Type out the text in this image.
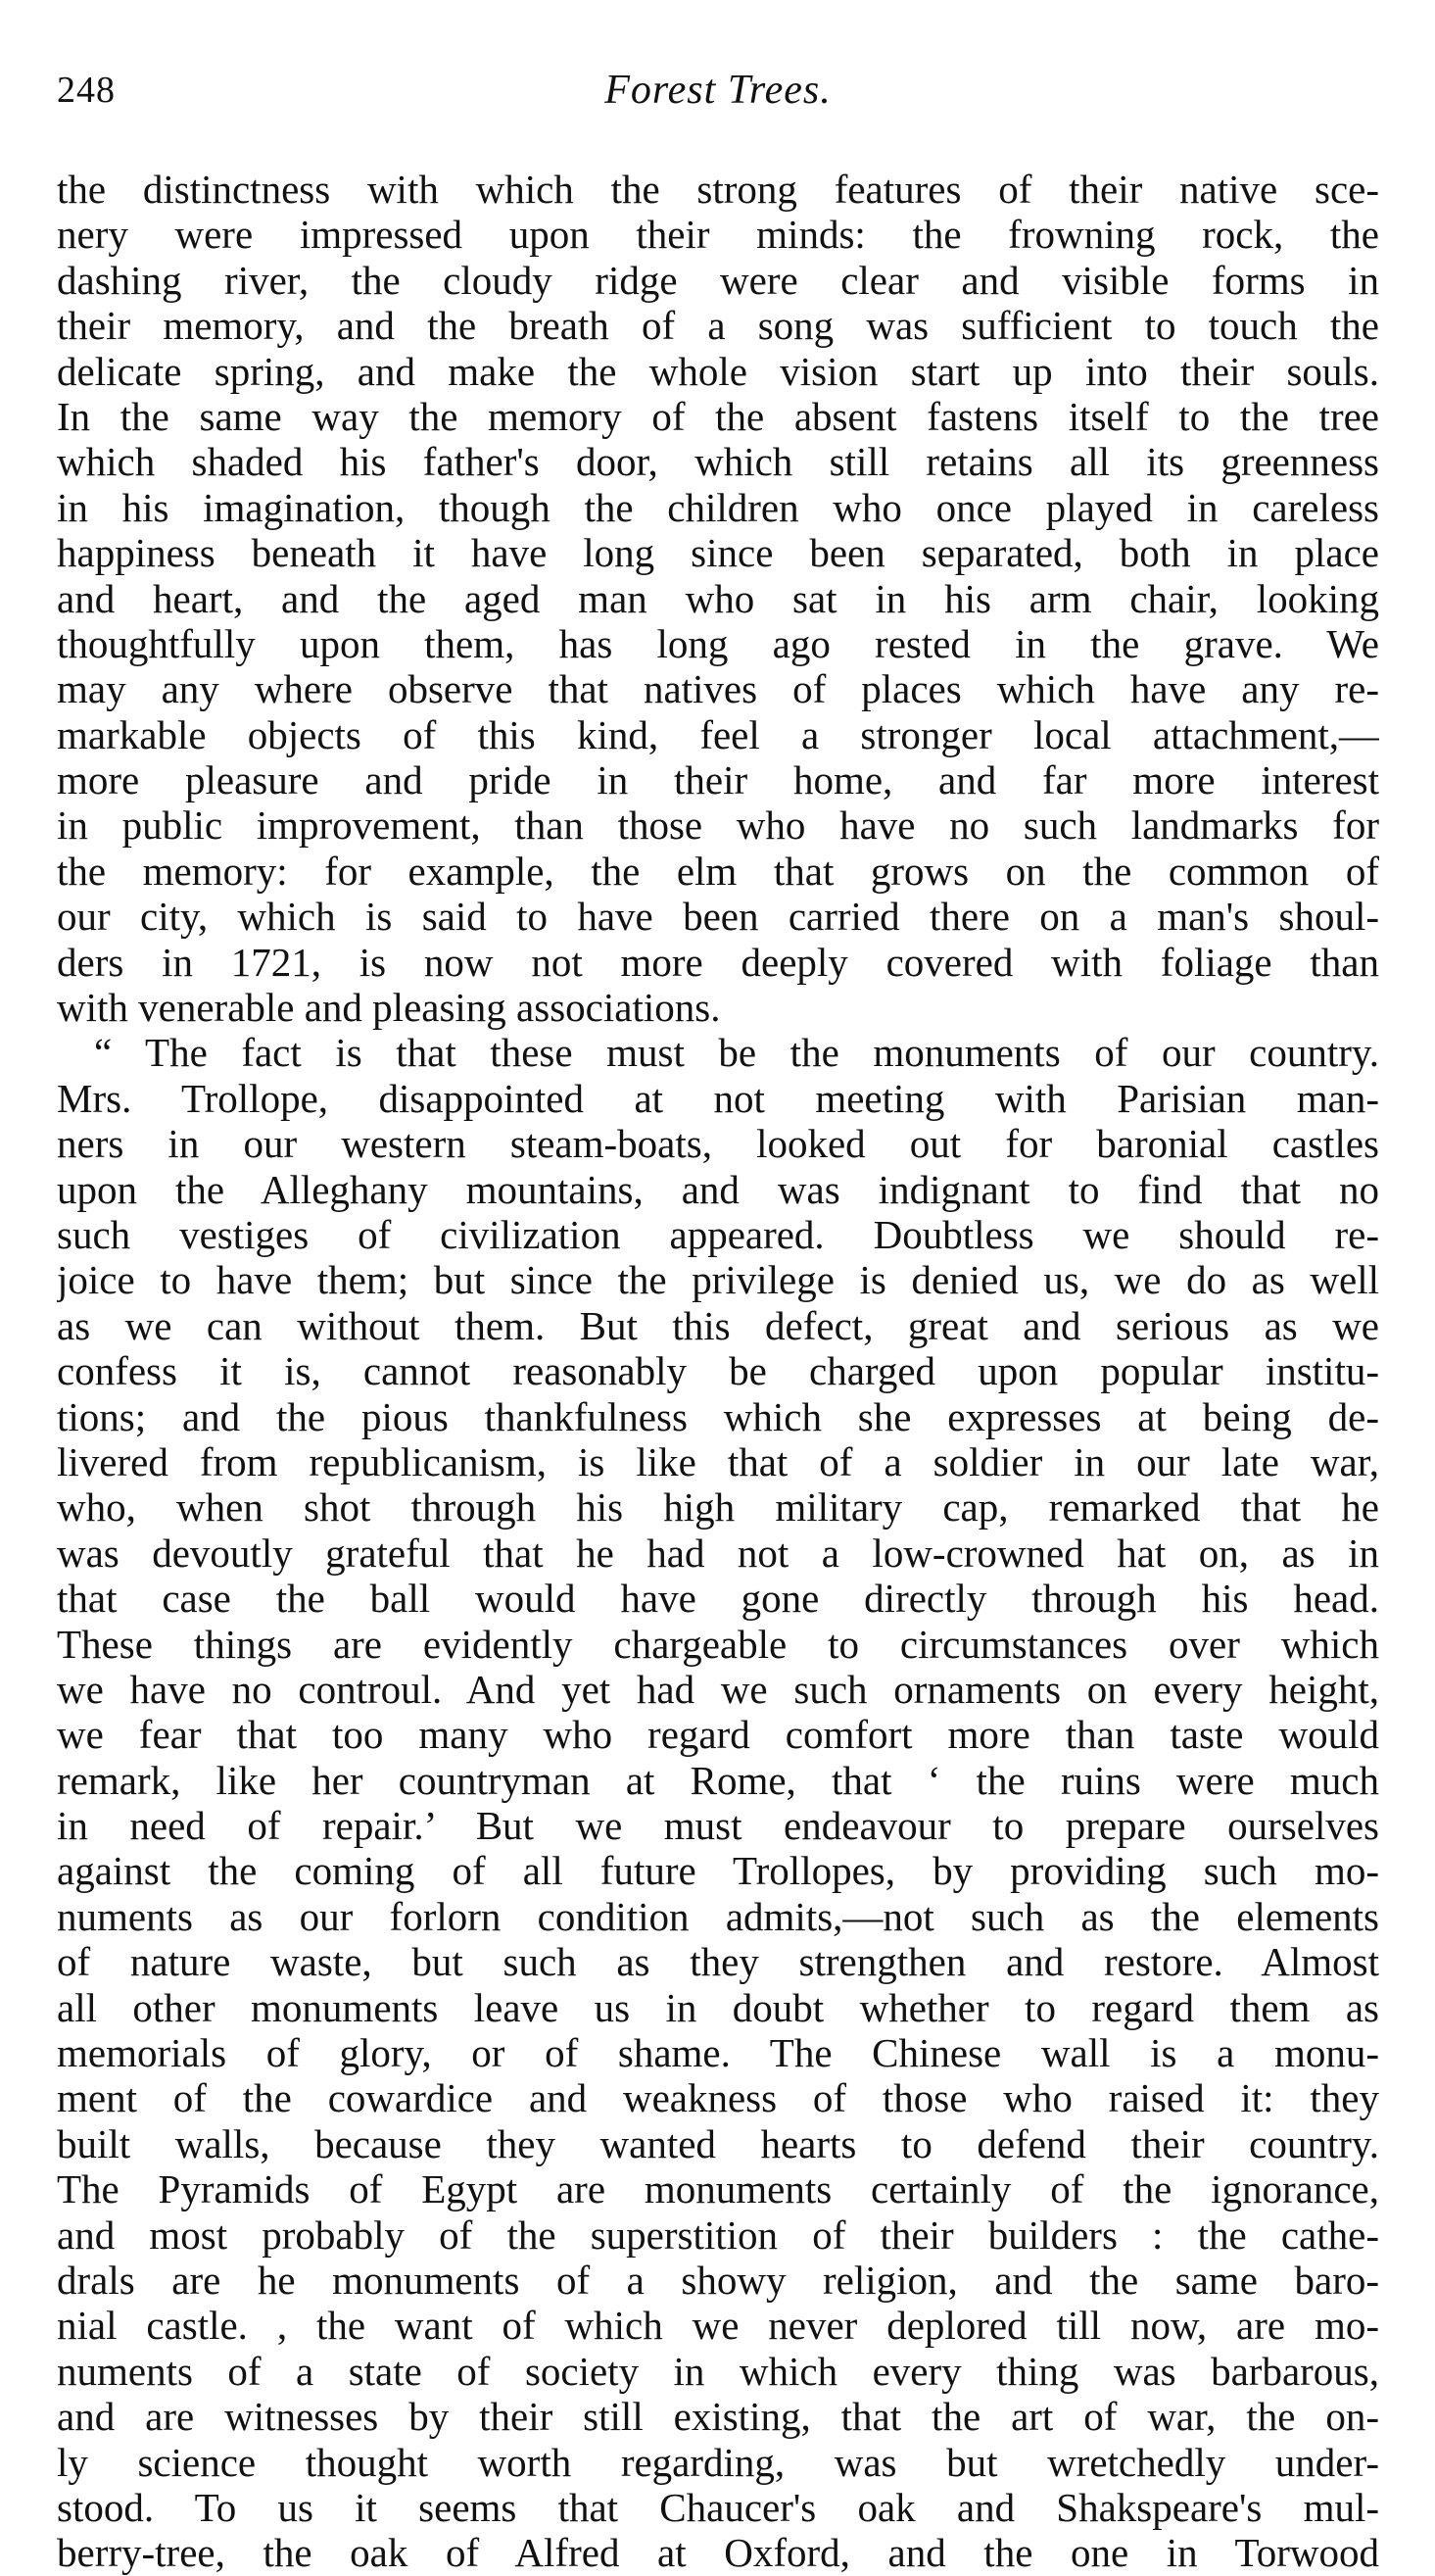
248	Forest Trees.
the distinctness with which the strong features of their native sce-
nery were impressed upon their minds: the frowning rock, the
dashing river, the cloudy ridge were clear and visible forms in
their memory, and the breath of a song was sufficient to touch the
delicate spring, and make the whole vision start up into their souls.
In the same way the memory of the absent fastens itself to the tree
which shaded his father's door, which still retains all its greenness
in his imagination, though the children who once played in careless
happiness beneath it have long since been separated, both in place
and heart, and the aged man who sat in his arm chair, looking
thoughtfully upon them, has long ago rested in the grave. We
may any where observe that natives of places which have any re-
markable objects of this kind, feel a stronger local attachment,—
more pleasure and pride in their home, and far more interest
in public improvement, than those who have no such landmarks for
the memory: for example, the elm that grows on the common of
our city, which is said to have been carried there on a man's shoul-
ders in 1721, is now not more deeply covered with foliage than
with venerable and pleasing associations.
“ The fact is that these must be the monuments of our country.
Mrs. Trollope, disappointed at not meeting with Parisian man-
ners in our western steam-boats, looked out for baronial castles
upon the Alleghany mountains, and was indignant to find that no
such vestiges of civilization appeared. Doubtless we should re-
joice to have them; but since the privilege is denied us, we do as well
as we can without them. But this defect, great and serious as we
confess it is, cannot reasonably be charged upon popular institu-
tions; and the pious thankfulness which she expresses at being de-
livered from republicanism, is like that of a soldier in our late war,
who, when shot through his high military cap, remarked that he
was devoutly grateful that he had not a low-crowned hat on, as in
that case the ball would have gone directly through his head.
These things are evidently chargeable to circumstances over which
we have no controul. And yet had we such ornaments on every height,
we fear that too many who regard comfort more than taste would
remark, like her countryman at Rome, that ‘ the ruins were much
in need of repair.’ But we must endeavour to prepare ourselves
against the coming of all future Trollopes, by providing such mo-
numents as our forlorn condition admits,—not such as the elements
of nature waste, but such as they strengthen and restore. Almost
all other monuments leave us in doubt whether to regard them as
memorials of glory, or of shame. The Chinese wall is a monu-
ment of the cowardice and weakness of those who raised it: they
built walls, because they wanted hearts to defend their country.
The Pyramids of Egypt are monuments certainly of the ignorance,
and most probably of the superstition of their builders : the cathe-
drals are he monuments of a showy religion, and the same baro-
nial castle. , the want of which we never deplored till now, are mo-
numents of a state of society in which every thing was barbarous,
and are witnesses by their still existing, that the art of war, the on-
ly science thought worth regarding, was but wretchedly under-
stood. To us it seems that Chaucer's oak and Shakspeare's mul-
berry-tree, the oak of Alfred at Oxford, and the one in Torwood
